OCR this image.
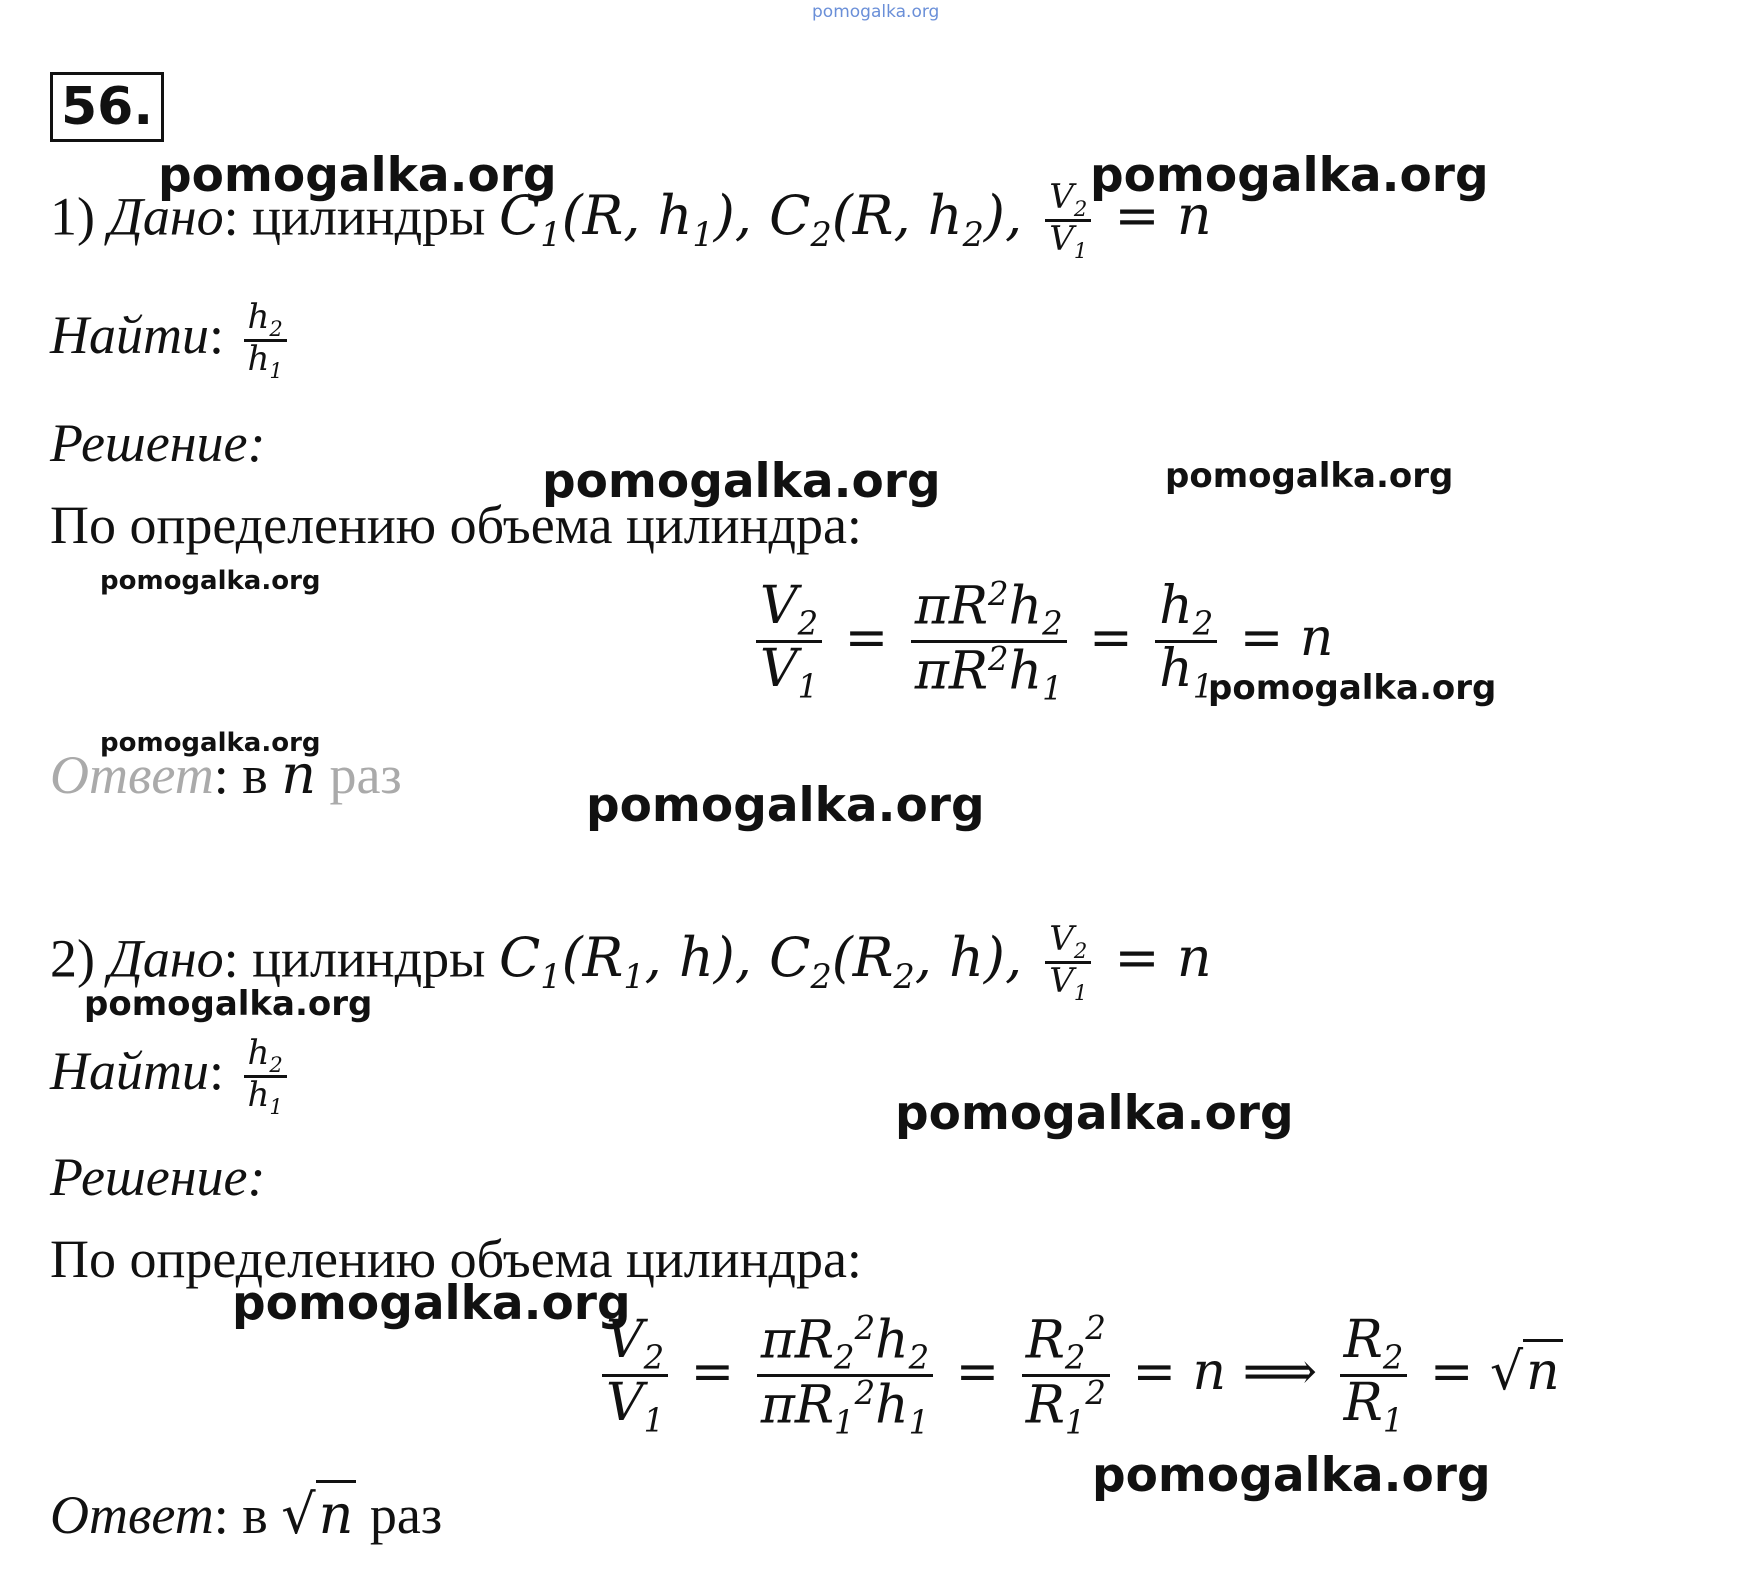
pomogalka.org
pomogalka.org	pomogalka.org
pomogalka.org	pomogalka.org
pomogalka.org
pomogalka.org
pomogalka.org
pomogalka.org
pomogalka.org
pomogalka.org
pomogalka.org
pomogalka.org
56.
1) Дано: цилиндры $C_1(R$, $h_1$), $C_2(R$, $h_2$), $\frac{V_2}{V_1} = n$
Найти: $\frac{h_2}{h_1}$
Решение:
По определению объема цилиндра:
$\frac{V_2}{V_1} = \frac{\pi R^2h_2}{\pi R^2h_1} = \frac{h_2}{h_1} = n$
Ответ: в n раз
2) Дано: цилиндры $C_1(R_1$, h), $C_2(R_2$, h), $\frac{V_2}{V_1} = n$
Найти: $\frac{h_2}{h_1}$
Решение:
По определению объема цилиндра:
$\frac{V_2}{V_1} = \frac{\pi R_2^2h_2}{\pi R_1^2h_1} = \frac{R_2^2}{R_1^2} = n$ ⟹ $\frac{R_2}{R_1} = √n$
Ответ: в √n раз
